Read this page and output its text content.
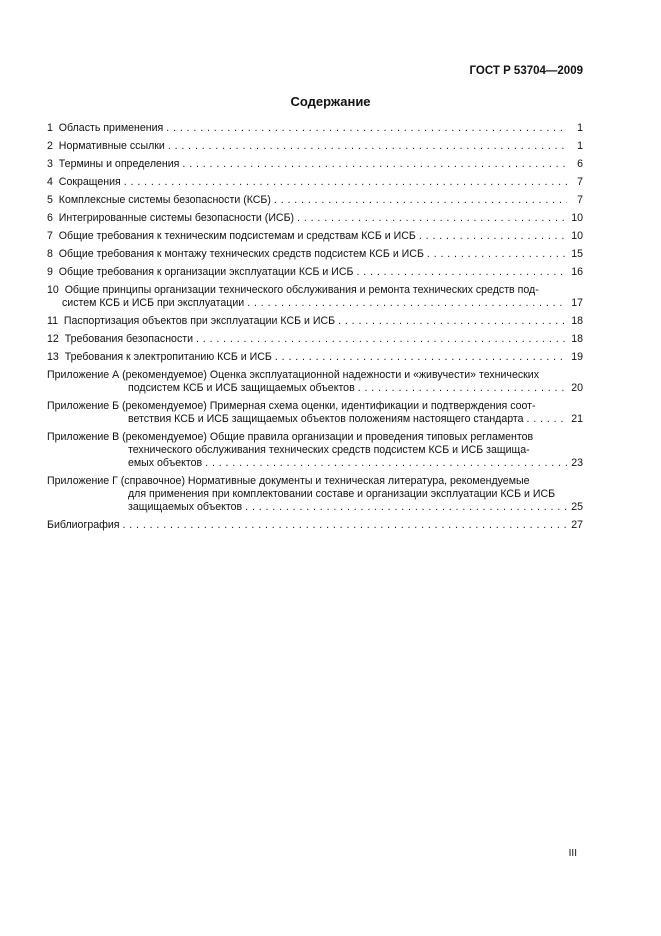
ГОСТ Р 53704—2009
Содержание
1
Область применения . . .	1
2
Нормативные ссылки . . .	1
3
Термины и определения . . .	6
4
Сокращения . . .	7
5
Комплексные системы безопасности (КСБ) . . .	7
6
Интегрированные системы безопасности (ИСБ) . . .	10
7
Общие требования к техническим подсистемам и средствам КСБ и ИСБ . . .	10
8
Общие требования к монтажу технических средств подсистем КСБ и ИСБ . . .	15
9
Общие требования к организации эксплуатации КСБ и ИСБ . . .	16
10
Общие принципы организации технического обслуживания и ремонта технических средств под-
систем КСБ и ИСБ при эксплуатации . . .	17
11
Паспортизация объектов при эксплуатации КСБ и ИСБ . . .	18
12
Требования безопасности . . .	18
13
Требования к электропитанию КСБ и ИСБ . . .	19
Приложение А
(рекомендуемое) Оценка эксплуатационной надежности и «живучести» технических
подсистем КСБ и ИСБ защищаемых объектов . . .	20
Приложение Б
(рекомендуемое) Примерная схема оценки, идентификации и подтверждения соот-
ветствия КСБ и ИСБ защищаемых объектов положениям настоящего стандарта . . .	21
Приложение В
(рекомендуемое) Общие правила организации и проведения типовых регламентов
технического обслуживания технических средств подсистем КСБ и ИСБ защища-
емых объектов . . .	23
Приложение Г
(справочное) Нормативные документы и техническая литература, рекомендуемые
для применения при комплектовании составе и организации эксплуатации КСБ и ИСБ
защищаемых объектов . . .	25
Библиография . . .	27
III
